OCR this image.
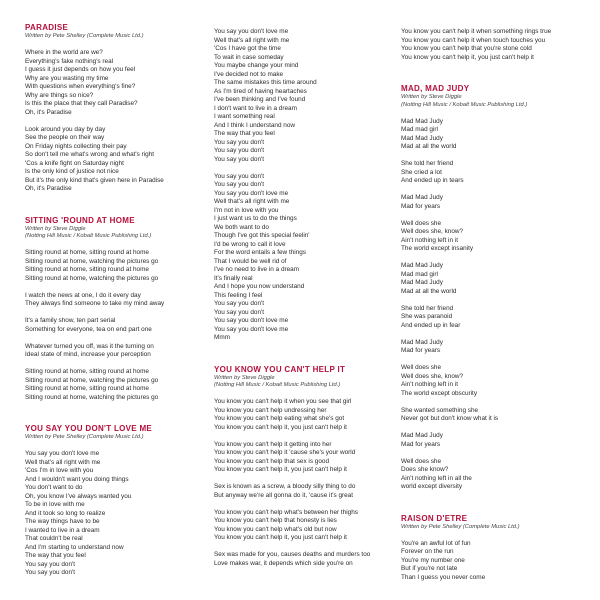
PARADISE
Written by Pete Shelley (Complete Music Ltd.)
Where in the world are we?
Everything's fake nothing's real
I guess it just depends on how you feel
Why are you wasting my time
With questions when everything's fine?
Why are things so nice?
Is this the place that they call Paradise?
Oh, it's Paradise
Look around you day by day
See the people on their way
On Friday nights collecting their pay
So don't tell me what's wrong and what's right
'Cos a knife fight on Saturday night
Is the only kind of justice not nice
But it's the only kind that's given here in Paradise
Oh, it's Paradise
SITTING 'ROUND AT HOME
Written by Steve Diggle
(Notting Hill Music / Kobalt Music Publishing Ltd.)
Sitting round at home, sitting round at home
Sitting round at home, watching the pictures go
Sitting round at home, sitting round at home
Sitting round at home, watching the pictures go
I watch the news at one, I do it every day
They always find someone to take my mind away
It's a family show, ten part serial
Something for everyone, tea on end part one
Whatever turned you off, was it the turning on
Ideal state of mind, increase your perception
Sitting round at home, sitting round at home
Sitting round at home, watching the pictures go
Sitting round at home, sitting round at home
Sitting round at home, watching the pictures go
YOU SAY YOU DON'T LOVE ME
Written by Pete Shelley (Complete Music Ltd.)
You say you don't love me
Well that's all right with me
'Cos I'm in love with you
And I wouldn't want you doing things
You don't want to do
Oh, you know I've always wanted you
To be in love with me
And it took so long to realize
The way things have to be
I wanted to live in a dream
That couldn't be real
And I'm starting to understand now
The way that you feel
You say you don't
You say you don't
You say you don't love me
Well that's all right with me
'Cos I have got the time
To wait in case someday
You maybe change your mind
I've decided not to make
The same mistakes this time around
As I'm tired of having heartaches
I've been thinking and I've found
I don't want to live in a dream
I want something real
And I think I understand now
The way that you feel
You say you don't
You say you don't
You say you don't
You say you don't
You say you don't
You say you don't love me
Well that's all right with me
I'm not in love with you
I just want us to do the things
We both want to do
Though I've got this special feelin'
I'd be wrong to call it love
For the word entails a few things
That I would be well rid of
I've no need to live in a dream
It's finally real
And I hope you now understand
This feeling I feel
You say you don't
You say you don't
You say you don't love me
You say you don't love me
Mmm
YOU KNOW YOU CAN'T HELP IT
Written by Steve Diggle
(Notting Hill Music / Kobalt Music Publishing Ltd.)
You know you can't help it when you see that girl
You know you can't help undressing her
You know you can't help eating what she's got
You know you can't help it, you just can't help it
You know you can't help it getting into her
You know you can't help it 'cause she's your world
You know you can't help that sex is good
You know you can't help it, you just can't help it
Sex is known as a screw, a bloody silly thing to do
But anyway we're all gonna do it, 'cause it's great
You know you can't help what's between her thighs
You know you can't help that honesty is lies
You know you can't help what's old but now
You know you can't help it, you just can't help it
Sex was made for you, causes deaths and murders too
Love makes war, it depends which side you're on
You know you can't help it when something rings true
You know you can't help it when touch touches you
You know you can't help that you're stone cold
You know you can't help it, you just can't help it
MAD, MAD JUDY
Written by Steve Diggle
(Notting Hill Music / Kobalt Music Publishing Ltd.)
Mad Mad Judy
Mad mad girl
Mad Mad Judy
Mad at all the world
She told her friend
She cried a lot
And ended up in tears
Mad Mad Judy
Mad for years
Well does she
Well does she, know?
Ain't nothing left in it
The world except insanity
Mad Mad Judy
Mad mad girl
Mad Mad Judy
Mad at all the world
She told her friend
She was paranoid
And ended up in fear
Mad Mad Judy
Mad for years
Well does she
Well does she, know?
Ain't nothing left in it
The world except obscurity
She wanted something she
Never got but don't know what it is
Mad Mad Judy
Mad for years
Well does she
Does she know?
Ain't nothing left in all the
world except diversity
RAISON D'ETRE
Written by Pete Shelley (Complete Music Ltd.)
You're an awful lot of fun
Forever on the run
You're my number one
But if you're not late
Than I guess you never come
